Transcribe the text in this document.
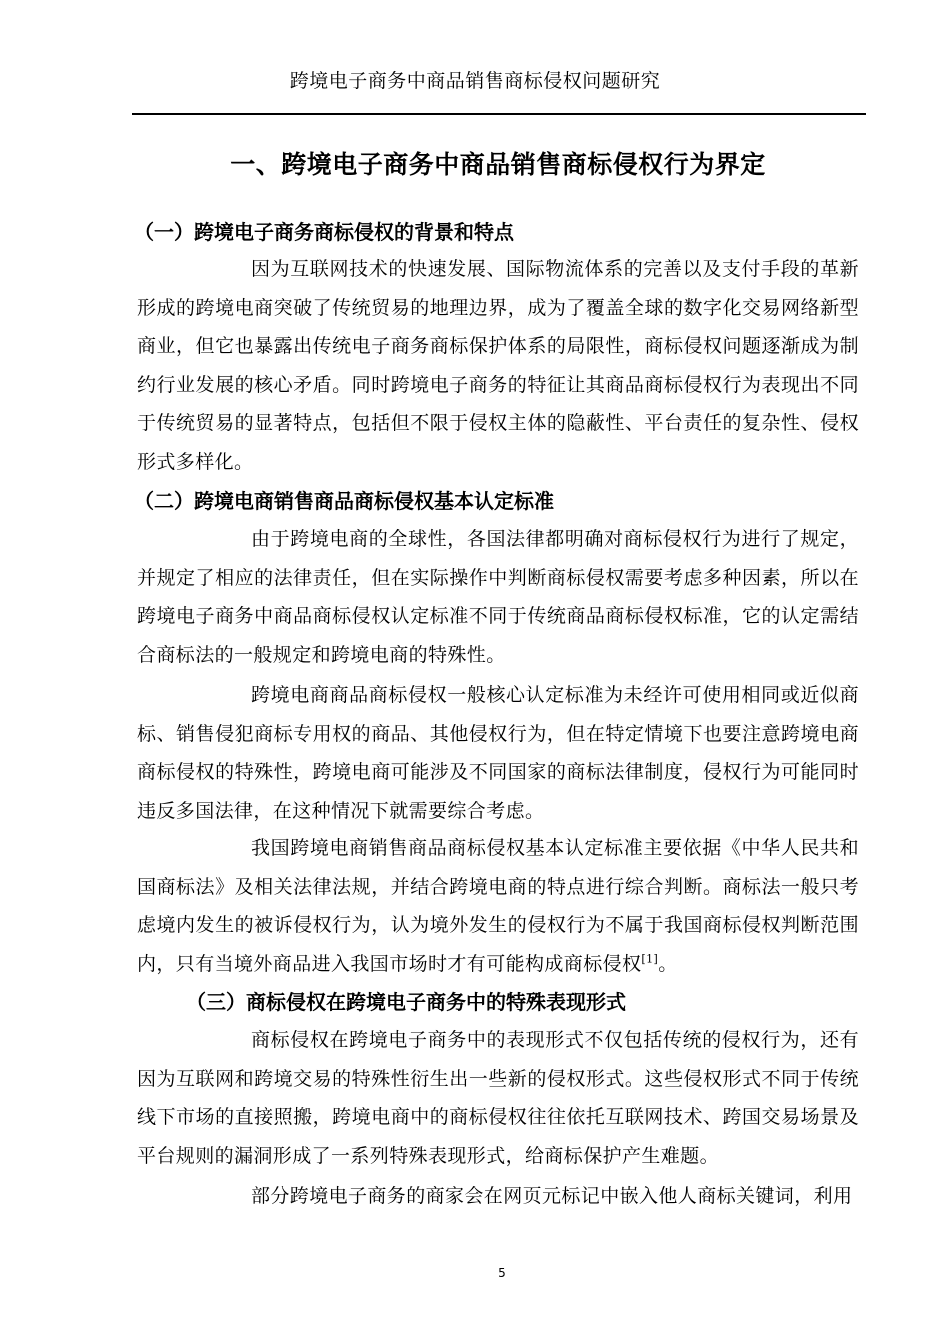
跨境电子商务中商品销售商标侵权问题研究
一、跨境电子商务中商品销售商标侵权行为界定
（一）跨境电子商务商标侵权的背景和特点
因为互联网技术的快速发展、国际物流体系的完善以及支付手段的革新形成的跨境电商突破了传统贸易的地理边界，成为了覆盖全球的数字化交易网络新型商业，但它也暴露出传统电子商务商标保护体系的局限性，商标侵权问题逐渐成为制约行业发展的核心矛盾。同时跨境电子商务的特征让其商品商标侵权行为表现出不同于传统贸易的显著特点，包括但不限于侵权主体的隐蔽性、平台责任的复杂性、侵权形式多样化。
（二）跨境电商销售商品商标侵权基本认定标准
由于跨境电商的全球性，各国法律都明确对商标侵权行为进行了规定，并规定了相应的法律责任，但在实际操作中判断商标侵权需要考虑多种因素，所以在跨境电子商务中商品商标侵权认定标准不同于传统商品商标侵权标准，它的认定需结合商标法的一般规定和跨境电商的特殊性。
跨境电商商品商标侵权一般核心认定标准为未经许可使用相同或近似商标、销售侵犯商标专用权的商品、其他侵权行为，但在特定情境下也要注意跨境电商商标侵权的特殊性，跨境电商可能涉及不同国家的商标法律制度，侵权行为可能同时违反多国法律，在这种情况下就需要综合考虑。
我国跨境电商销售商品商标侵权基本认定标准主要依据《中华人民共和国商标法》及相关法律法规，并结合跨境电商的特点进行综合判断。商标法一般只考虑境内发生的被诉侵权行为，认为境外发生的侵权行为不属于我国商标侵权判断范围内，只有当境外商品进入我国市场时才有可能构成商标侵权[1]。
（三）商标侵权在跨境电子商务中的特殊表现形式
商标侵权在跨境电子商务中的表现形式不仅包括传统的侵权行为，还有因为互联网和跨境交易的特殊性衍生出一些新的侵权形式。这些侵权形式不同于传统线下市场的直接照搬，跨境电商中的商标侵权往往依托互联网技术、跨国交易场景及平台规则的漏洞形成了一系列特殊表现形式，给商标保护产生难题。
部分跨境电子商务的商家会在网页元标记中嵌入他人商标关键词，利用
5
